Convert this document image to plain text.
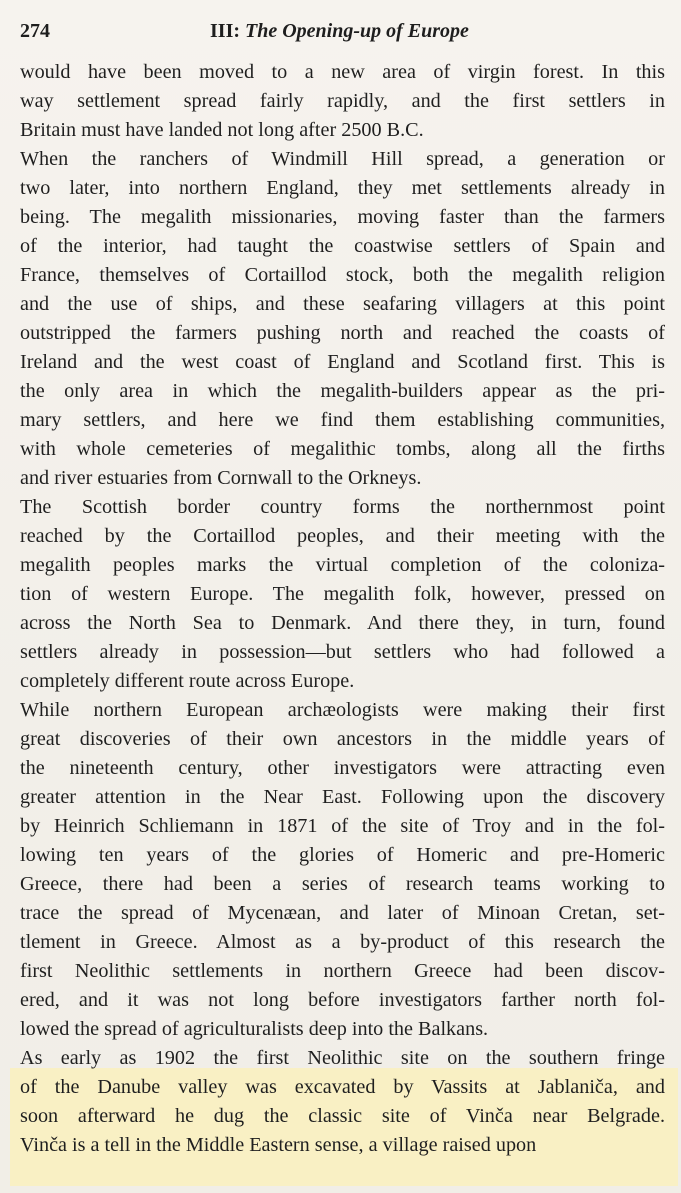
274	III: The Opening-up of Europe
would have been moved to a new area of virgin forest. In this
way settlement spread fairly rapidly, and the first settlers in
Britain must have landed not long after 2500 B.C.
When the ranchers of Windmill Hill spread, a generation or
two later, into northern England, they met settlements already in
being. The megalith missionaries, moving faster than the farmers
of the interior, had taught the coastwise settlers of Spain and
France, themselves of Cortaillod stock, both the megalith religion
and the use of ships, and these seafaring villagers at this point
outstripped the farmers pushing north and reached the coasts of
Ireland and the west coast of England and Scotland first. This is
the only area in which the megalith-builders appear as the pri-
mary settlers, and here we find them establishing communities,
with whole cemeteries of megalithic tombs, along all the firths
and river estuaries from Cornwall to the Orkneys.
The Scottish border country forms the northernmost point
reached by the Cortaillod peoples, and their meeting with the
megalith peoples marks the virtual completion of the coloniza-
tion of western Europe. The megalith folk, however, pressed on
across the North Sea to Denmark. And there they, in turn, found
settlers already in possession—but settlers who had followed a
completely different route across Europe.
While northern European archæologists were making their first
great discoveries of their own ancestors in the middle years of
the nineteenth century, other investigators were attracting even
greater attention in the Near East. Following upon the discovery
by Heinrich Schliemann in 1871 of the site of Troy and in the fol-
lowing ten years of the glories of Homeric and pre-Homeric
Greece, there had been a series of research teams working to
trace the spread of Mycenæan, and later of Minoan Cretan, set-
tlement in Greece. Almost as a by-product of this research the
first Neolithic settlements in northern Greece had been discov-
ered, and it was not long before investigators farther north fol-
lowed the spread of agriculturalists deep into the Balkans.
As early as 1902 the first Neolithic site on the southern fringe
of the Danube valley was excavated by Vassits at Jablaniča, and
soon afterward he dug the classic site of Vinča near Belgrade.
Vinča is a tell in the Middle Eastern sense, a village raised upon
